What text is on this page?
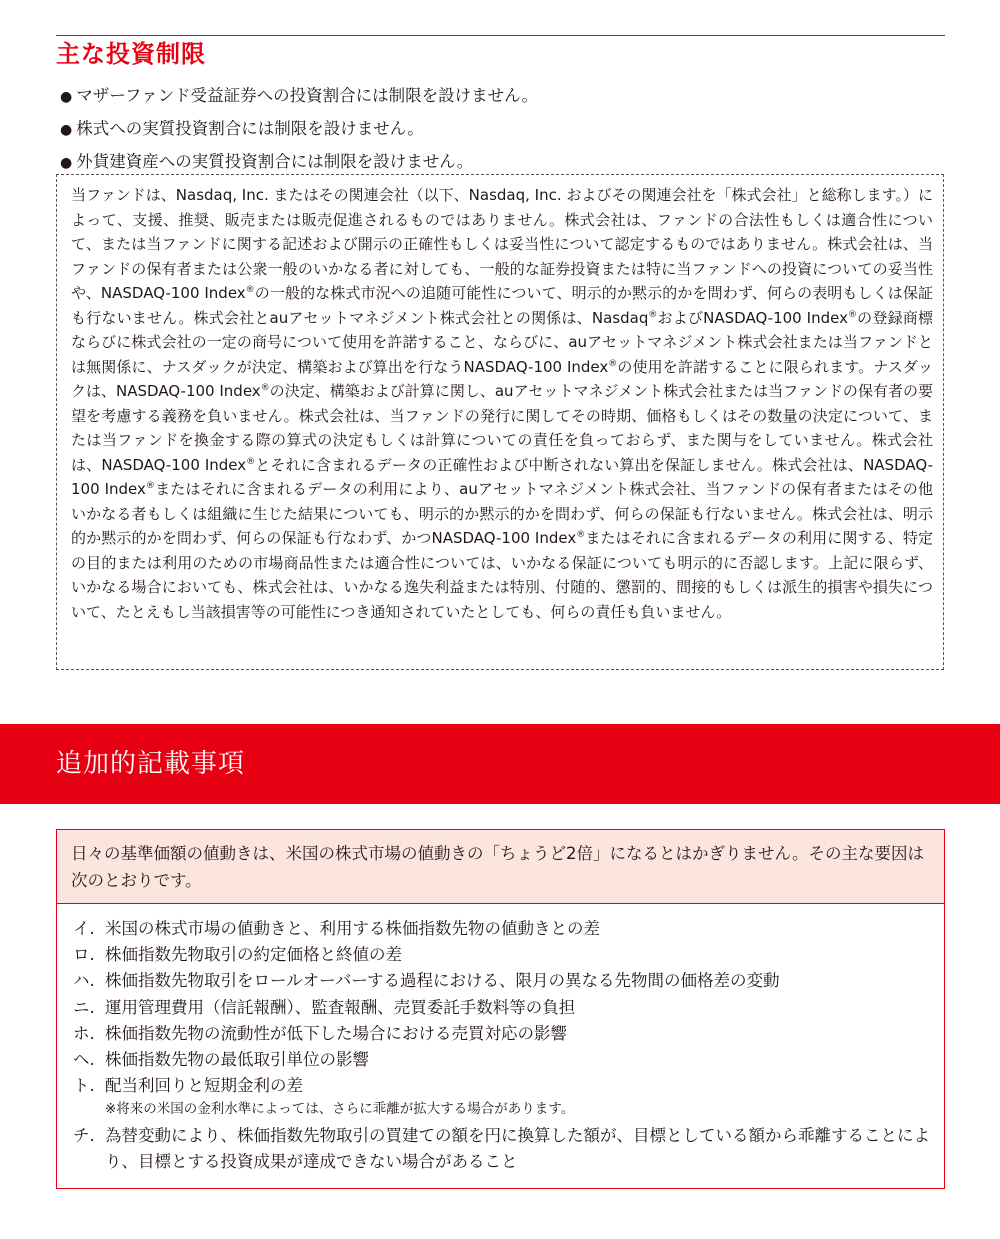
主な投資制限
● マザーファンド受益証券への投資割合には制限を設けません。
● 株式への実質投資割合には制限を設けません。
● 外貨建資産への実質投資割合には制限を設けません。

当ファンドは、Nasdaq, Inc. またはその関連会社（以下、Nasdaq, Inc. およびその関連会社を「株式会社」と総称します。）によって、支援、推奨、販売または販売促進されるものではありません。株式会社は、ファンドの合法性もしくは適合性について、または当ファンドに関する記述および開示の正確性もしくは妥当性について認定するものではありません。株式会社は、当ファンドの保有者または公衆一般のいかなる者に対しても、一般的な証券投資または特に当ファンドへの投資についての妥当性や、NASDAQ-100 Index®の一般的な株式市況への追随可能性について、明示的か黙示的かを問わず、何らの表明もしくは保証も行ないません。株式会社とauアセットマネジメント株式会社との関係は、Nasdaq®およびNASDAQ-100 Index®の登録商標ならびに株式会社の一定の商号について使用を許諾すること、ならびに、auアセットマネジメント株式会社または当ファンドとは無関係に、ナスダックが決定、構築および算出を行なうNASDAQ-100 Index®の使用を許諾することに限られます。ナスダックは、NASDAQ-100 Index®の決定、構築および計算に関し、auアセットマネジメント株式会社または当ファンドの保有者の要望を考慮する義務を負いません。株式会社は、当ファンドの発行に関してその時期、価格もしくはその数量の決定について、または当ファンドを換金する際の算式の決定もしくは計算についての責任を負っておらず、また関与をしていません。株式会社は、NASDAQ-100 Index®とそれに含まれるデータの正確性および中断されない算出を保証しません。株式会社は、NASDAQ-100 Index®またはそれに含まれるデータの利用により、auアセットマネジメント株式会社、当ファンドの保有者またはその他いかなる者もしくは組織に生じた結果についても、明示的か黙示的かを問わず、何らの保証も行ないません。株式会社は、明示的か黙示的かを問わず、何らの保証も行なわず、かつNASDAQ-100 Index®またはそれに含まれるデータの利用に関する、特定の目的または利用のための市場商品性または適合性については、いかなる保証についても明示的に否認します。上記に限らず、いかなる場合においても、株式会社は、いかなる逸失利益または特別、付随的、懲罰的、間接的もしくは派生的損害や損失について、たとえもし当該損害等の可能性につき通知されていたとしても、何らの責任も負いません。

追加的記載事項

日々の基準価額の値動きは、米国の株式市場の値動きの「ちょうど2倍」になるとはかぎりません。その主な要因は次のとおりです。

イ. 米国の株式市場の値動きと、利用する株価指数先物の値動きとの差
ロ. 株価指数先物取引の約定価格と終値の差
ハ. 株価指数先物取引をロールオーバーする過程における、限月の異なる先物間の価格差の変動
ニ. 運用管理費用（信託報酬）、監査報酬、売買委託手数料等の負担
ホ. 株価指数先物の流動性が低下した場合における売買対応の影響
ヘ. 株価指数先物の最低取引単位の影響
ト. 配当利回りと短期金利の差
※将来の米国の金利水準によっては、さらに乖離が拡大する場合があります。
チ. 為替変動により、株価指数先物取引の買建ての額を円に換算した額が、目標としている額から乖離することにより、目標とする投資成果が達成できない場合があること
